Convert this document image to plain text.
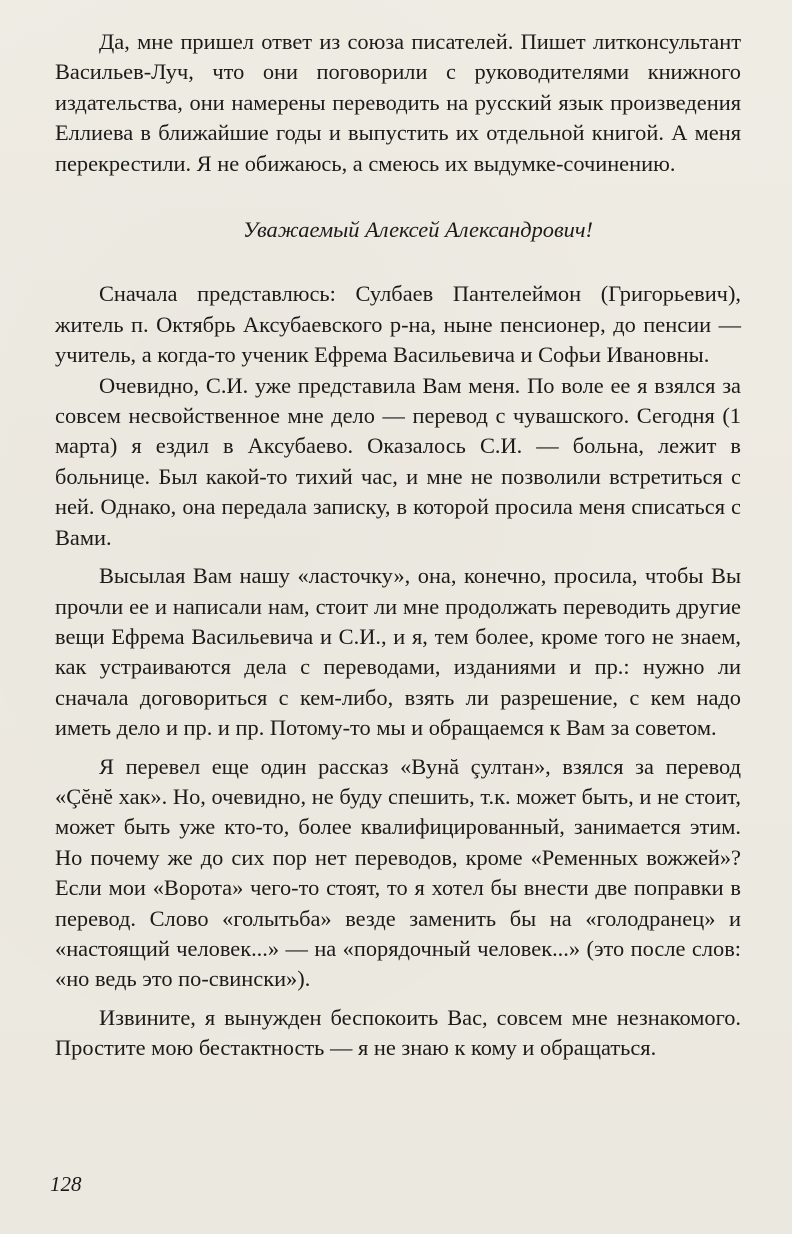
Да, мне пришел ответ из союза писателей. Пишет литконсультант Васильев-Луч, что они поговорили с руководителями книжного издательства, они намерены переводить на русский язык произведения Еллиева в ближайшие годы и выпустить их отдельной книгой. А меня перекрестили. Я не обижаюсь, а смеюсь их выдумке-сочинению.

Уважаемый Алексей Александрович!

Сначала представлюсь: Сулбаев Пантелеймон (Григорьевич), житель п. Октябрь Аксубаевского р-на, ныне пенсионер, до пенсии — учитель, а когда-то ученик Ефрема Васильевича и Софьи Ивановны.

Очевидно, С.И. уже представила Вам меня. По воле ее я взялся за совсем несвойственное мне дело — перевод с чувашского. Сегодня (1 марта) я ездил в Аксубаево. Оказалось С.И. — больна, лежит в больнице. Был какой-то тихий час, и мне не позволили встретиться с ней. Однако, она передала записку, в которой просила меня списаться с Вами.

Высылая Вам нашу «ласточку», она, конечно, просила, чтобы Вы прочли ее и написали нам, стоит ли мне продолжать переводить другие вещи Ефрема Васильевича и С.И., и я, тем более, кроме того не знаем, как устраиваются дела с переводами, изданиями и пр.: нужно ли сначала договориться с кем-либо, взять ли разрешение, с кем надо иметь дело и пр. и пр. Потому-то мы и обращаемся к Вам за советом.

Я перевел еще один рассказ «Вунă çултан», взялся за перевод «Çĕнĕ хак». Но, очевидно, не буду спешить, т.к. может быть, и не стоит, может быть уже кто-то, более квалифицированный, занимается этим. Но почему же до сих пор нет переводов, кроме «Ременных вожжей»? Если мои «Ворота» чего-то стоят, то я хотел бы внести две поправки в перевод. Слово «голытьба» везде заменить бы на «голодранец» и «настоящий человек...» — на «порядочный человек...» (это после слов: «но ведь это по-свински»).

Извините, я вынужден беспокоить Вас, совсем мне незнакомого. Простите мою бестактность — я не знаю к кому и обращаться.

128
